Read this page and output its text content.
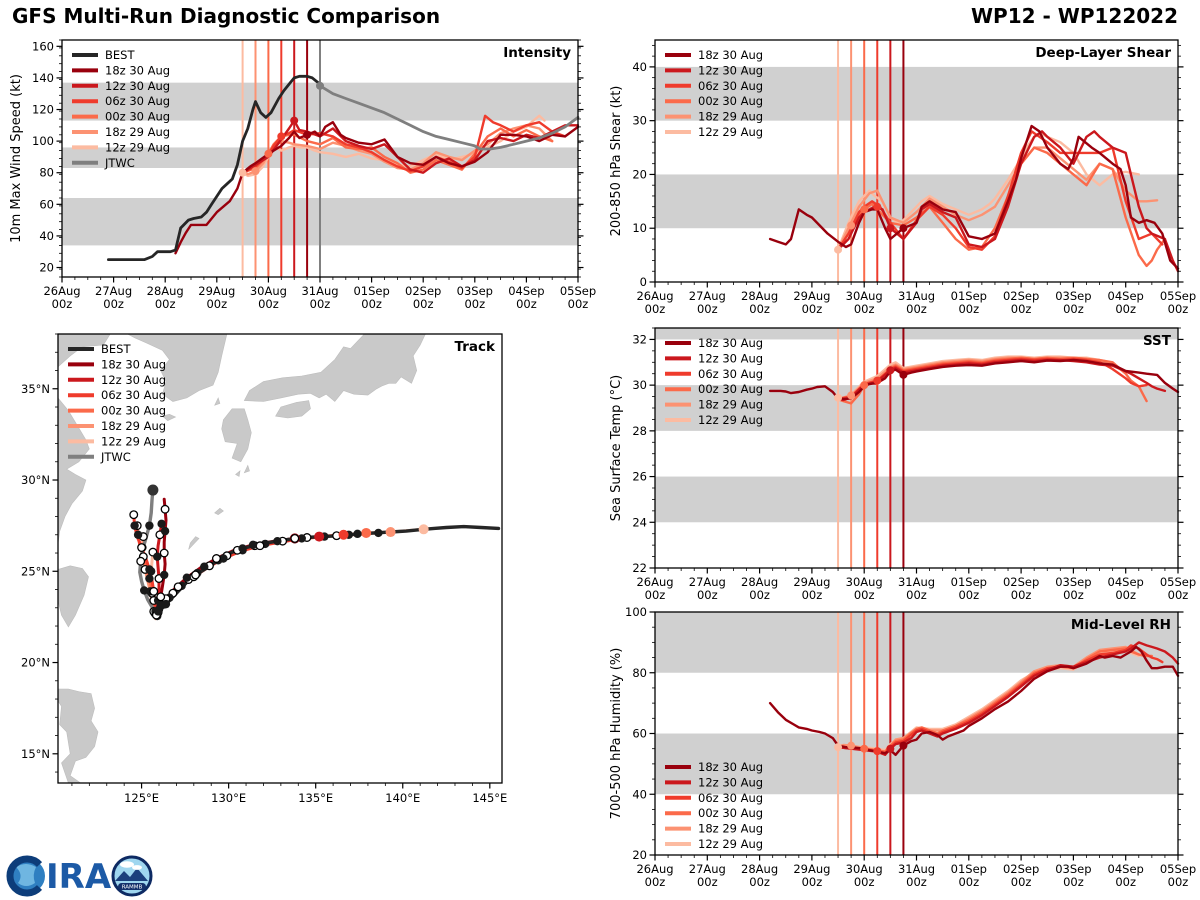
GFS Multi-Run Diagnostic Comparison	WP12 - WP122022
Intensity
26Aug
00z
27Aug
00z
28Aug
00z
29Aug
00z
30Aug
00z
31Aug
00z
01Sep
00z
02Sep
00z
03Sep
00z
04Sep
00z
05Sep
00z
20
40
60
80
100
120
140
160
10m Max Wind Speed (kt)
BEST
18z 30 Aug
12z 30 Aug
06z 30 Aug
00z 30 Aug
18z 29 Aug
12z 29 Aug
JTWC
Deep-Layer Shear
26Aug
00z
27Aug
00z
28Aug
00z
29Aug
00z
30Aug
00z
31Aug
00z
01Sep
00z
02Sep
00z
03Sep
00z
04Sep
00z
05Sep
00z
0
10
20
30
40
200-850 hPa Shear (kt)
18z 30 Aug
12z 30 Aug
06z 30 Aug
00z 30 Aug
18z 29 Aug
12z 29 Aug
SST
26Aug
00z
27Aug
00z
28Aug
00z
29Aug
00z
30Aug
00z
31Aug
00z
01Sep
00z
02Sep
00z
03Sep
00z
04Sep
00z
05Sep
00z
22
24
26
28
30
32
Sea Surface Temp (°C)
18z 30 Aug
12z 30 Aug
06z 30 Aug
00z 30 Aug
18z 29 Aug
12z 29 Aug
Mid-Level RH
26Aug
00z
27Aug
00z
28Aug
00z
29Aug
00z
30Aug
00z
31Aug
00z
01Sep
00z
02Sep
00z
03Sep
00z
04Sep
00z
05Sep
00z
20
40
60
80
100
700-500 hPa Humidity (%)	18z 30 Aug
12z 30 Aug
06z 30 Aug
00z 30 Aug
18z 29 Aug
12z 29 Aug
Track
125°E	130°E	135°E	140°E	145°E
15°N
20°N
25°N
30°N
35°N
BEST
18z 30 Aug
12z 30 Aug
06z 30 Aug
00z 30 Aug
18z 29 Aug
12z 29 Aug
JTWC
IRA RAMMB
